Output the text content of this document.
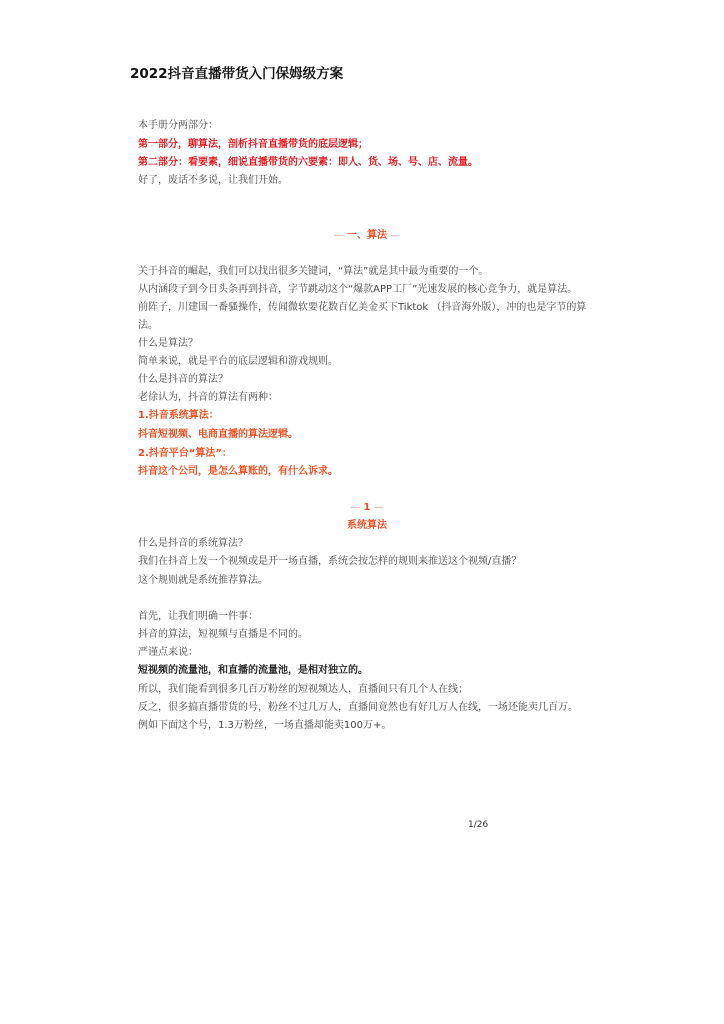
2022抖音直播带货入门保姆级方案
本手册分两部分：
第一部分，聊算法，剖析抖音直播带货的底层逻辑；
第二部分：看要素，细说直播带货的六要素：即人、货、场、号、店、流量。
好了，废话不多说，让我们开始。
— 一、算法 —
关于抖音的崛起，我们可以找出很多关键词，“算法”就是其中最为重要的一个。
从内涵段子到今日头条再到抖音，字节跳动这个“爆款APP工厂”光速发展的核心竞争力，就是算法。
前阵子，川建国一番骚操作，传闻微软要花数百亿美金买下Tiktok （抖音海外版），冲的也是字节的算
法。
什么是算法？
简单来说，就是平台的底层逻辑和游戏规则。
什么是抖音的算法？
老徐认为，抖音的算法有两种：
1.抖音系统算法：
抖音短视频、电商直播的算法逻辑。
2.抖音平台“算法”：
抖音这个公司，是怎么算账的，有什么诉求。
— 1 —
系统算法
什么是抖音的系统算法？
我们在抖音上发一个视频或是开一场直播，系统会按怎样的规则来推送这个视频/直播？
这个规则就是系统推荐算法。
首先，让我们明确一件事：
抖音的算法，短视频与直播是不同的。
严谨点来说：
短视频的流量池，和直播的流量池，是相对独立的。
所以，我们能看到很多几百万粉丝的短视频达人，直播间只有几个人在线；
反之，很多搞直播带货的号，粉丝不过几万人，直播间竟然也有好几万人在线，一场还能卖几百万。
例如下面这个号，1.3万粉丝，一场直播却能卖100万+。
1/26
